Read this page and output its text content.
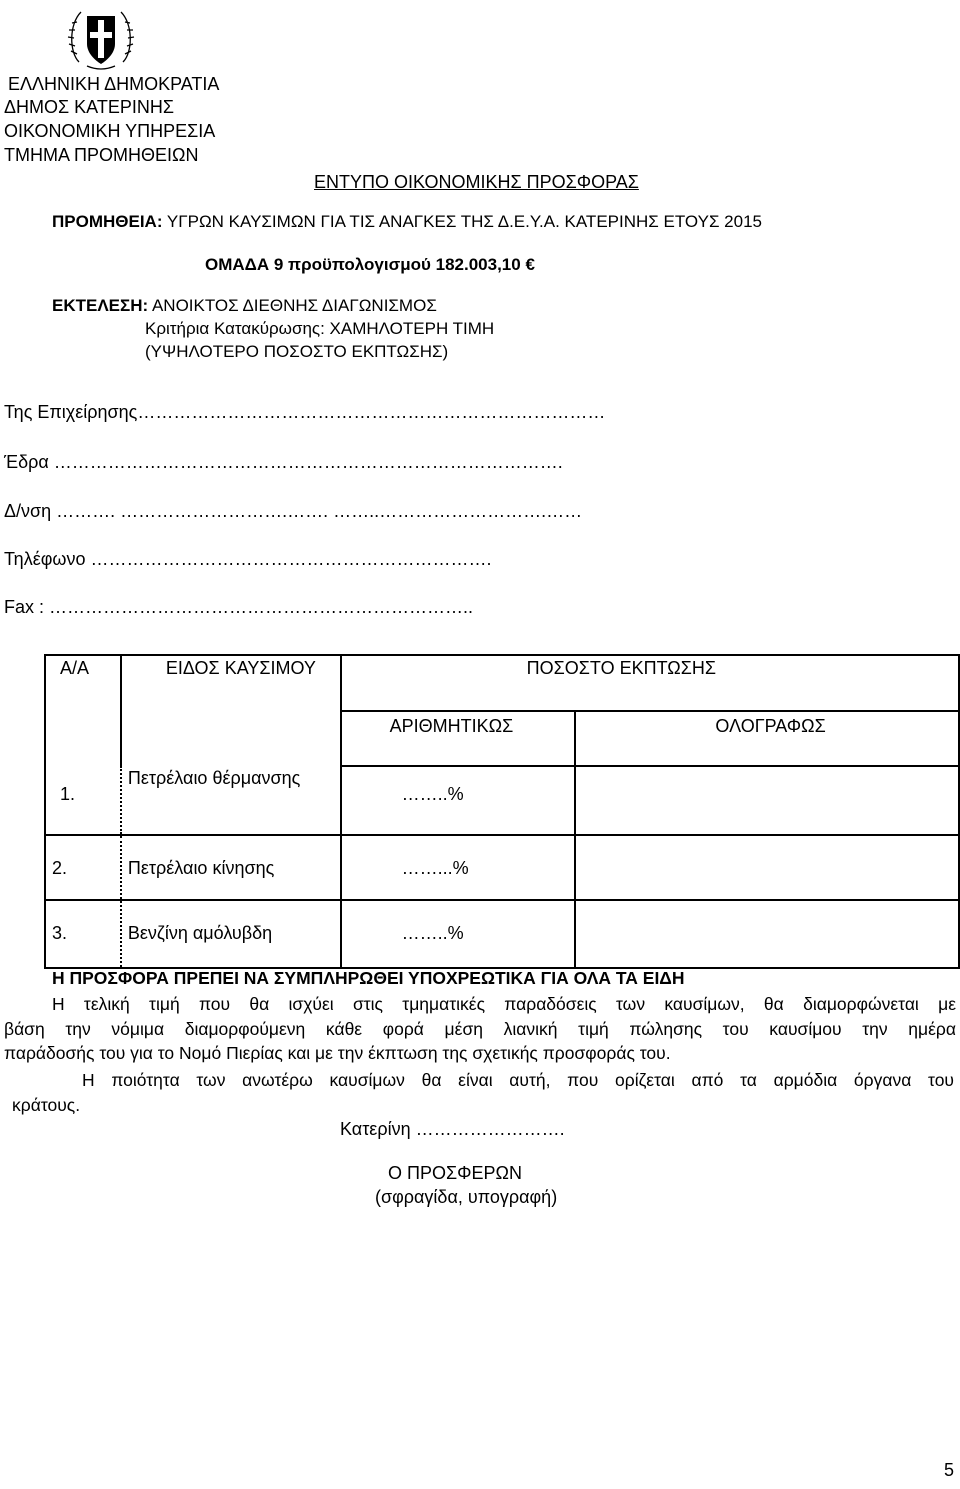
ΕΛΛΗΝΙΚΗ ΔΗΜΟΚΡΑΤΙΑ
ΔΗΜΟΣ ΚΑΤΕΡΙΝΗΣ
ΟΙΚΟΝΟΜΙΚΗ ΥΠΗΡΕΣΙΑ
ΤΜΗΜΑ ΠΡΟΜΗΘΕΙΩΝ
ΕΝΤΥΠΟ ΟΙΚΟΝΟΜΙΚΗΣ ΠΡΟΣΦΟΡΑΣ
ΠΡΟΜΗΘΕΙΑ: ΥΓΡΩΝ ΚΑΥΣΙΜΩΝ ΓΙΑ ΤΙΣ ΑΝΑΓΚΕΣ ΤΗΣ Δ.Ε.Υ.Α. ΚΑΤΕΡΙΝΗΣ ΕΤΟΥΣ 2015
ΟΜΑΔΑ 9 προϋπολογισμού 182.003,10 €
ΕΚΤΕΛΕΣΗ: ΑΝΟΙΚΤΟΣ ΔΙΕΘΝΗΣ ΔΙΑΓΩΝΙΣΜΟΣ
Κριτήρια Κατακύρωσης: ΧΑΜΗΛΟΤΕΡΗ ΤΙΜΗ
(ΥΨΗΛΟΤΕΡΟ ΠΟΣΟΣΤΟ ΕΚΠΤΩΣΗΣ)
Της Επιχείρησης……………………………………………………………………
Έδρα ………………………………………………………………………….
Δ/νση ………. ……………………….……. ……..……………………….……
Τηλέφωνο ………………………………………………………….
Fax : ……………………………………………………………..
Α/Α	ΕΙΔΟΣ ΚΑΥΣΙΜΟΥ	ΠΟΣΟΣΤΟ ΕΚΠΤΩΣΗΣ	

		ΑΡΙΘΜΗΤΙΚΩΣ	ΟΛΟΓΡΑΦΩΣ

1.	Πετρέλαιο θέρμανσης	……..%	

2.	Πετρέλαιο κίνησης	……...%	

3.	Βενζίνη αμόλυβδη	……..%	

Η ΠΡΟΣΦΟΡΑ ΠΡΕΠΕΙ ΝΑ ΣΥΜΠΛΗΡΩΘΕΙ ΥΠΟΧΡΕΩΤΙΚΑ ΓΙΑ ΟΛΑ ΤΑ ΕΙΔΗ
Η τελική τιμή που θα ισχύει στις τμηματικές παραδόσεις των καυσίμων, θα διαμορφώνεται με
βάση την νόμιμα διαμορφούμενη κάθε φορά μέση λιανική τιμή πώλησης του καυσίμου την ημέρα
παράδοσής του για το Νομό Πιερίας και με την έκπτωση της σχετικής προσφοράς του.
Η ποιότητα των ανωτέρω καυσίμων θα είναι αυτή, που ορίζεται από τα αρμόδια όργανα του
κράτους.
Κατερίνη …………………….
Ο ΠΡΟΣΦΕΡΩΝ
(σφραγίδα, υπογραφή)
5
